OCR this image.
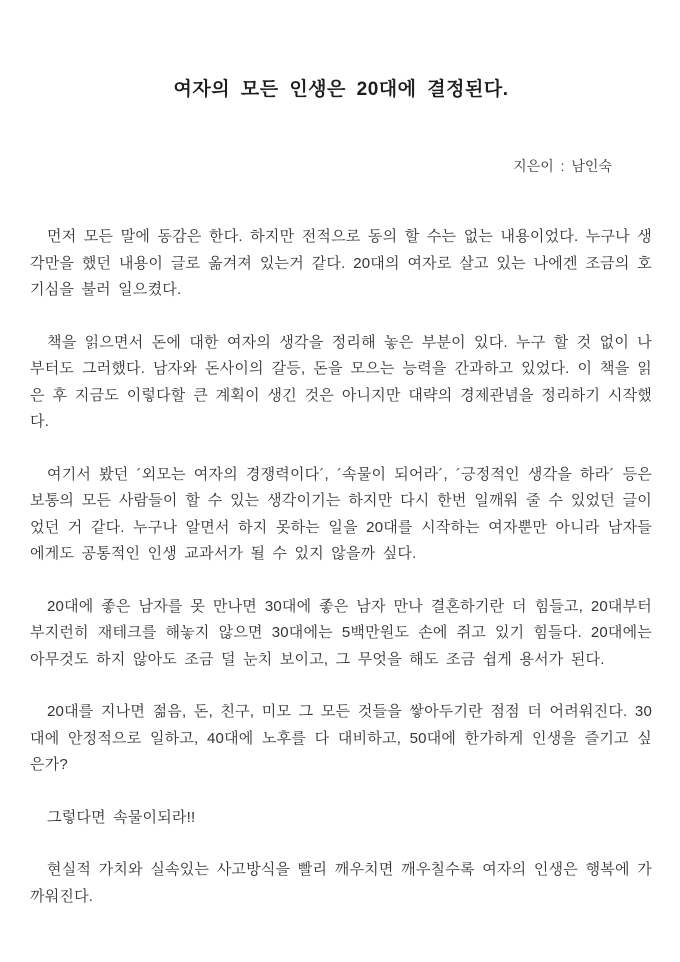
여자의 모든 인생은 20대에 결정된다.
지은이 : 남인숙

먼저 모든 말에 동감은 한다. 하지만 전적으로 동의 할 수는 없는 내용이었다. 누구나 생각만을 했던 내용이 글로 옮겨져 있는거 같다. 20대의 여자로 살고 있는 나에겐 조금의 호기심을 불러 일으켰다.

책을 읽으면서 돈에 대한 여자의 생각을 정리해 놓은 부분이 있다. 누구 할 것 없이 나부터도 그러했다. 남자와 돈사이의 갈등, 돈을 모으는 능력을 간과하고 있었다. 이 책을 읽은 후 지금도 이렇다할 큰 계획이 생긴 것은 아니지만 대략의 경제관념을 정리하기 시작했다.

여기서 봤던 ´외모는 여자의 경쟁력이다´, ´속물이 되어라´, ´긍정적인 생각을 하라´ 등은 보통의 모든 사람들이 할 수 있는 생각이기는 하지만 다시 한번 일깨워 줄 수 있었던 글이었던 거 같다. 누구나 알면서 하지 못하는 일을 20대를 시작하는 여자뿐만 아니라 남자들에게도 공통적인 인생 교과서가 될 수 있지 않을까 싶다.

20대에 좋은 남자를 못 만나면 30대에 좋은 남자 만나 결혼하기란 더 힘들고, 20대부터 부지런히 재테크를 해놓지 않으면 30대에는 5백만원도 손에 쥐고 있기 힘들다. 20대에는 아무것도 하지 않아도 조금 덜 눈치 보이고, 그 무엇을 해도 조금 쉽게 용서가 된다.

20대를 지나면 젊음, 돈, 친구, 미모 그 모든 것들을 쌓아두기란 점점 더 어려워진다. 30대에 안정적으로 일하고, 40대에 노후를 다 대비하고, 50대에 한가하게 인생을 즐기고 싶은가?

그렇다면 속물이되라!!

현실적 가치와 실속있는 사고방식을 빨리 깨우치면 깨우칠수록 여자의 인생은 행복에 가까워진다.
